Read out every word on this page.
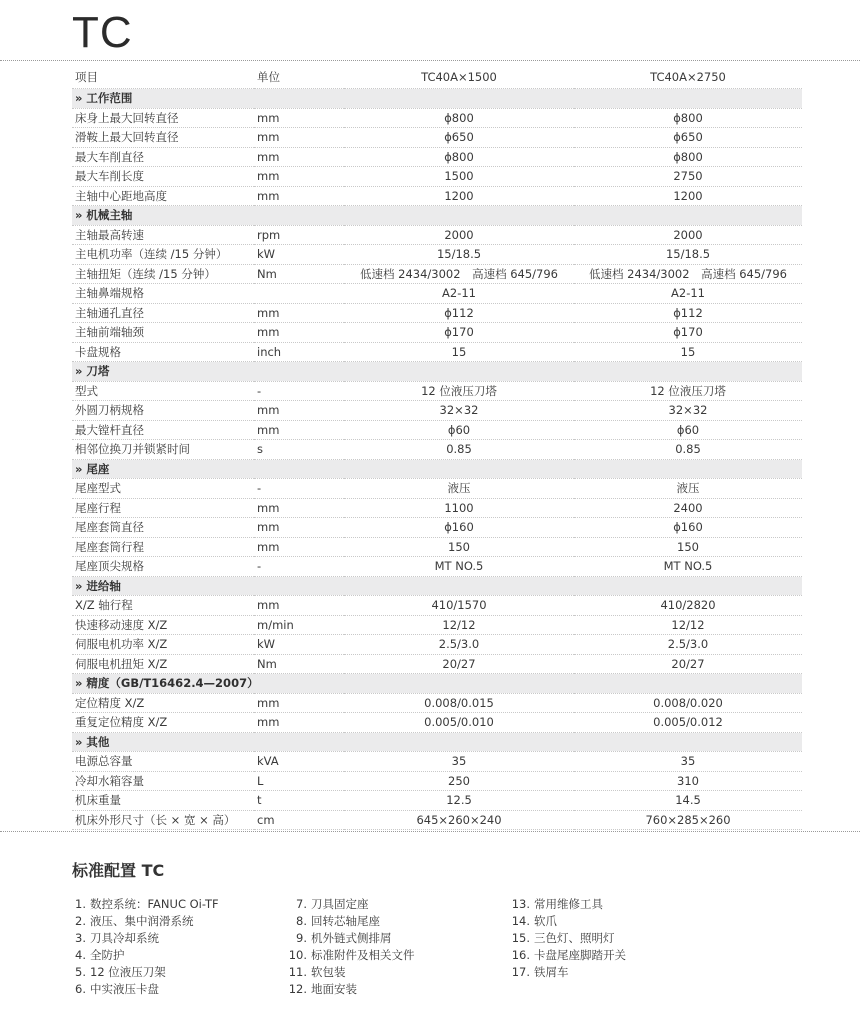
TC
项目	单位	TC40A×1500	TC40A×2750
» 工作范围			
床身上最大回转直径	mm	ϕ800	ϕ800
滑鞍上最大回转直径	mm	ϕ650	ϕ650
最大车削直径	mm	ϕ800	ϕ800
最大车削长度	mm	1500	2750
主轴中心距地高度	mm	1200	1200
» 机械主轴			
主轴最高转速	rpm	2000	2000
主电机功率（连续 /15 分钟）	kW	15/18.5	15/18.5
主轴扭矩（连续 /15 分钟）	Nm	低速档 2434/3002　高速档 645/796	低速档 2434/3002　高速档 645/796
主轴鼻端规格		A2-11	A2-11
主轴通孔直径	mm	ϕ112	ϕ112
主轴前端轴颈	mm	ϕ170	ϕ170
卡盘规格	inch	15	15
» 刀塔			
型式	-	12 位液压刀塔	12 位液压刀塔
外圆刀柄规格	mm	32×32	32×32
最大镗杆直径	mm	ϕ60	ϕ60
相邻位换刀并锁紧时间	s	0.85	0.85
» 尾座			
尾座型式	-	液压	液压
尾座行程	mm	1100	2400
尾座套筒直径	mm	ϕ160	ϕ160
尾座套筒行程	mm	150	150
尾座顶尖规格	-	MT NO.5	MT NO.5
» 进给轴			
X/Z 轴行程	mm	410/1570	410/2820
快速移动速度 X/Z	m/min	12/12	12/12
伺服电机功率 X/Z	kW	2.5/3.0	2.5/3.0
伺服电机扭矩 X/Z	Nm	20/27	20/27
» 精度（GB/T16462.4—2007）			
定位精度 X/Z	mm	0.008/0.015	0.008/0.020
重复定位精度 X/Z	mm	0.005/0.010	0.005/0.012
» 其他			
电源总容量	kVA	35	35
冷却水箱容量	L	250	310
机床重量	t	12.5	14.5
机床外形尺寸（长 × 宽 × 高）	cm	645×260×240	760×285×260
标准配置 TC
1. 数控系统：FANUC Oi-TF
2. 液压、集中润滑系统
3. 刀具冷却系统
4. 全防护
5. 12 位液压刀架
6. 中实液压卡盘
7. 刀具固定座
8. 回转芯轴尾座
9. 机外链式侧排屑
10. 标准附件及相关文件
11. 软包装
12. 地面安装
13. 常用维修工具
14. 软爪
15. 三色灯、照明灯
16. 卡盘尾座脚踏开关
17. 铁屑车
